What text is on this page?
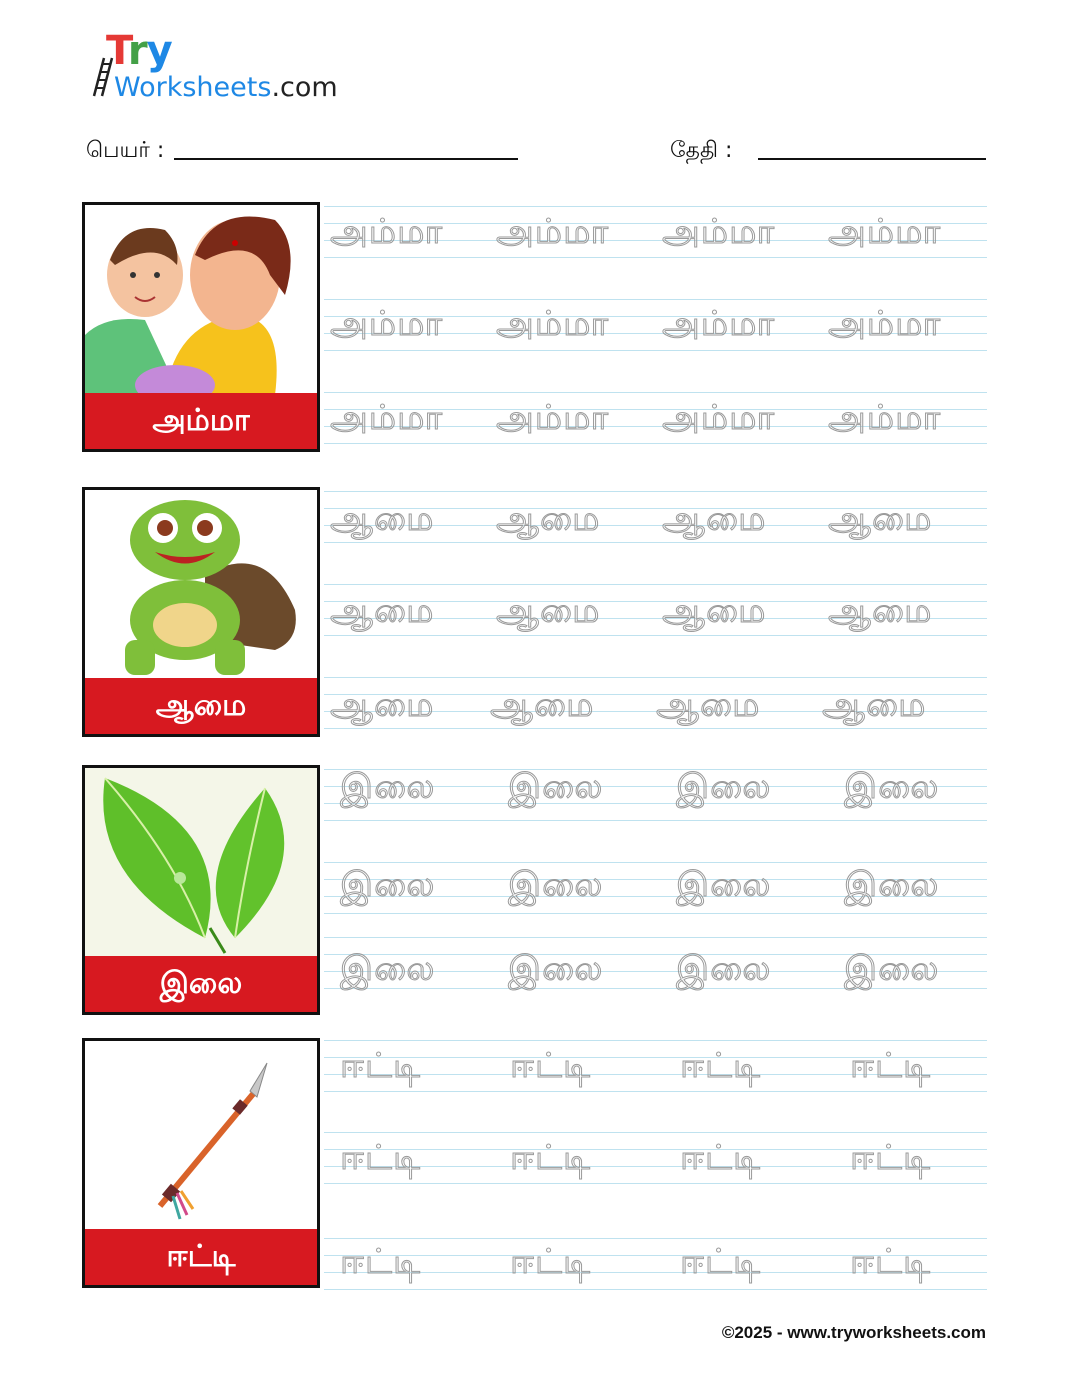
Try
Worksheets.com
பெயர் :	தேதி :
அம்மா
அம்மா அம்மா அம்மா அம்மா
அம்மா அம்மா அம்மா அம்மா
அம்மா அம்மா அம்மா அம்மா
ஆமை
ஆமை ஆமை ஆமை ஆமை
ஆமை ஆமை ஆமை ஆமை
ஆமை ஆமை ஆமை ஆமை
இலை
இலை இலை இலை இலை
இலை இலை இலை இலை
இலை இலை இலை இலை
ஈட்டி
ஈட்டி	ஈட்டி	ஈட்டி	ஈட்டி
ஈட்டி	ஈட்டி	ஈட்டி	ஈட்டி
ஈட்டி	ஈட்டி	ஈட்டி	ஈட்டி
©2025 - www.tryworksheets.com
